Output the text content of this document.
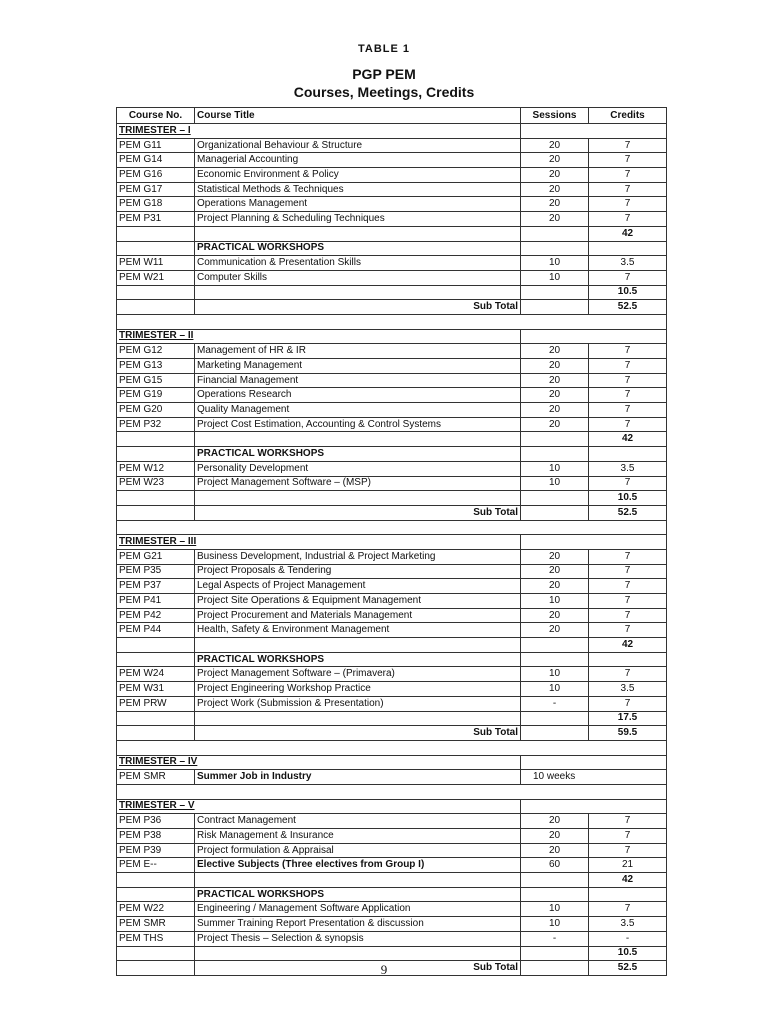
TABLE 1
PGP PEM
Courses, Meetings, Credits
Course No.	Course Title	Sessions	Credits
TRIMESTER – I			
PEM G11	Organizational Behaviour & Structure	20	7
PEM G14	Managerial Accounting	20	7
PEM G16	Economic Environment & Policy	20	7
PEM G17	Statistical Methods & Techniques	20	7
PEM G18	Operations Management	20	7
PEM P31	Project Planning & Scheduling Techniques	20	7
			42
	PRACTICAL WORKSHOPS		
PEM W11	Communication & Presentation Skills	10	3.5
PEM W21	Computer Skills	10	7
			10.5
	Sub Total		52.5

TRIMESTER – II			
PEM G12	Management of HR & IR	20	7
PEM G13	Marketing Management	20	7
PEM G15	Financial Management	20	7
PEM G19	Operations Research	20	7
PEM G20	Quality Management	20	7
PEM P32	Project Cost Estimation, Accounting & Control Systems	20	7
			42
	PRACTICAL WORKSHOPS		
PEM W12	Personality Development	10	3.5
PEM W23	Project Management Software – (MSP)	10	7
			10.5
	Sub Total		52.5

TRIMESTER – III			
PEM G21	Business Development, Industrial & Project Marketing	20	7
PEM P35	Project Proposals & Tendering	20	7
PEM P37	Legal Aspects of Project Management	20	7
PEM P41	Project Site Operations & Equipment Management	10	7
PEM P42	Project Procurement and Materials Management	20	7
PEM P44	Health, Safety & Environment Management	20	7
			42
	PRACTICAL WORKSHOPS		
PEM W24	Project Management Software – (Primavera)	10	7
PEM W31	Project Engineering Workshop Practice	10	3.5
PEM PRW	Project Work (Submission & Presentation)	-	7
			17.5
	Sub Total		59.5

TRIMESTER – IV			
PEM SMR	Summer Job in Industry	10 weeks	

TRIMESTER – V			
PEM P36	Contract Management	20	7
PEM P38	Risk Management & Insurance	20	7
PEM P39	Project formulation & Appraisal	20	7
PEM E--	Elective Subjects (Three electives from Group I)	60	21
			42
	PRACTICAL WORKSHOPS		
PEM W22	Engineering / Management Software Application	10	7
PEM SMR	Summer Training Report Presentation & discussion	10	3.5
PEM THS	Project Thesis – Selection & synopsis	-	-
			10.5
	Sub Total		52.5
9
